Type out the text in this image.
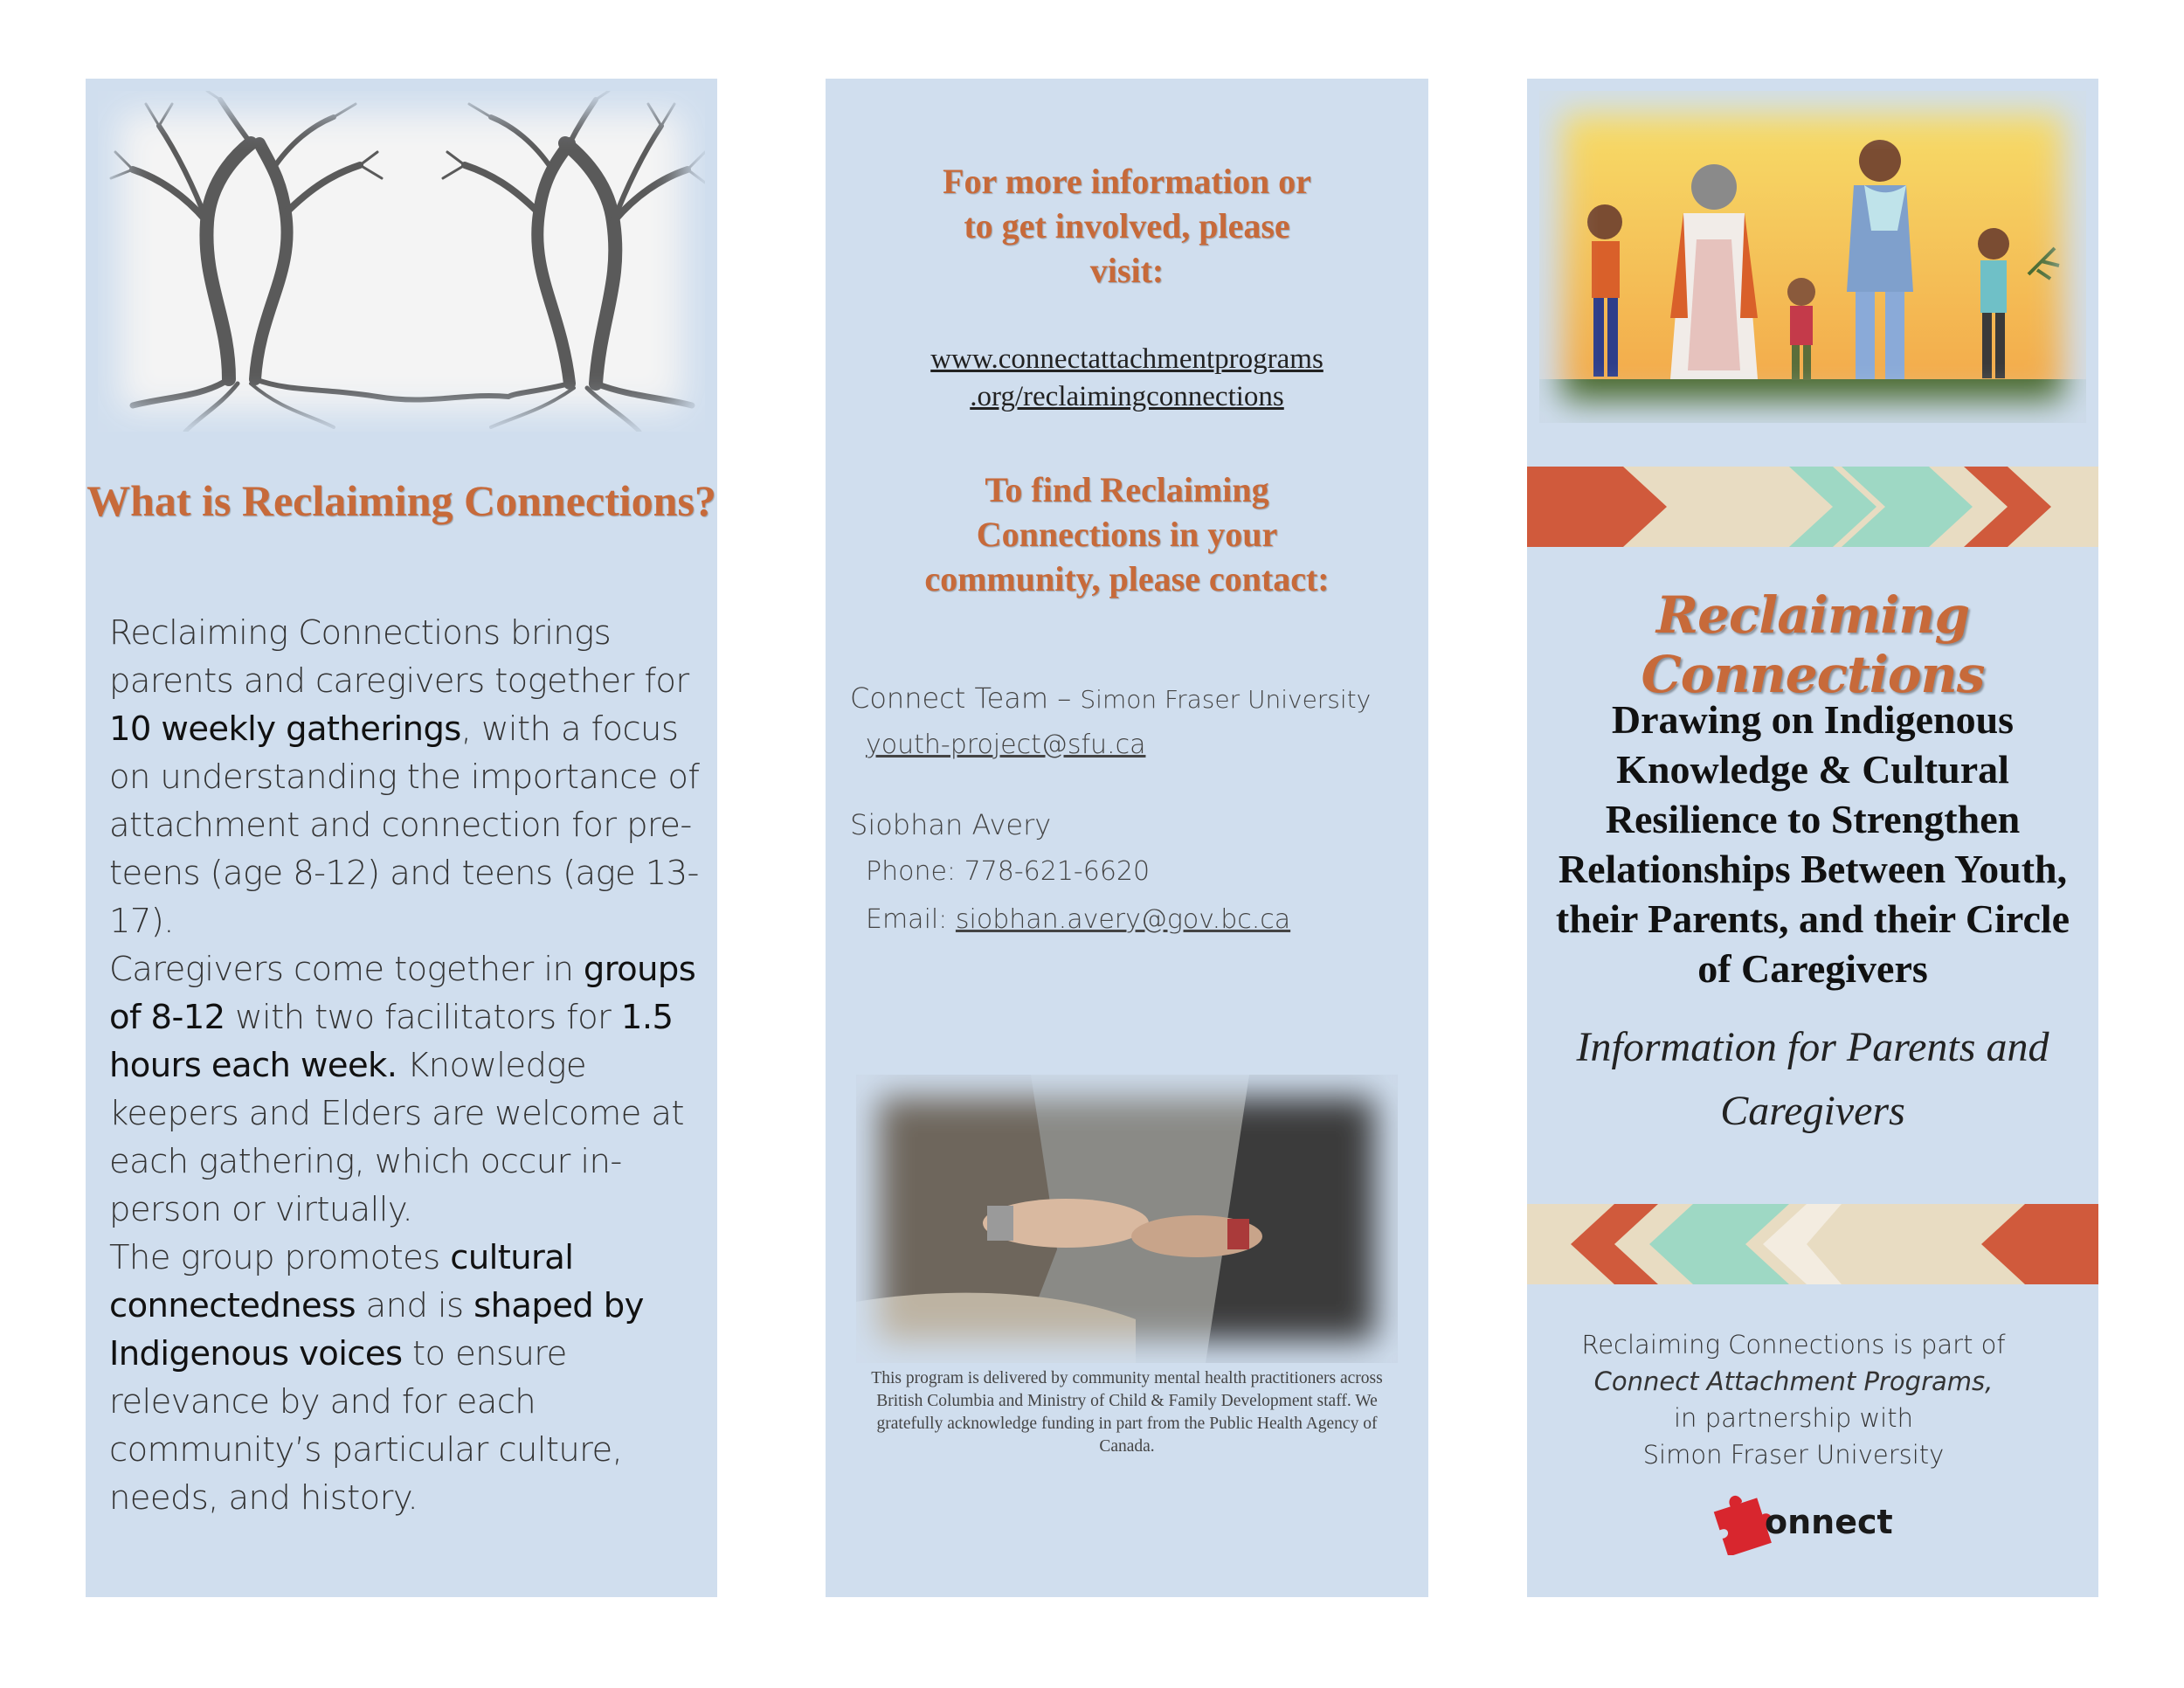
What is Reclaiming Connections?
Reclaiming Connections brings parents and caregivers together for 10 weekly gatherings, with a focus on understanding the importance of attachment and connection for pre-teens (age 8-12) and teens (age 13-17).
Caregivers come together in groups of 8-12 with two facilitators for 1.5 hours each week. Knowledge keepers and Elders are welcome at each gathering, which occur in-person or virtually.
The group promotes cultural connectedness and is shaped by Indigenous voices to ensure relevance by and for each community’s particular culture, needs, and history.
For more information or to get involved, please visit:
www.connectattachmentprograms
.org/reclaimingconnections
To find Reclaiming Connections in your community, please contact:
Connect Team – Simon Fraser University
youth-project@sfu.ca
Siobhan Avery
Phone: 778-621-6620
Email: siobhan.avery@gov.bc.ca
This program is delivered by community mental health practitioners across British Columbia and Ministry of Child & Family Development staff. We gratefully acknowledge funding in part from the Public Health Agency of Canada.
Reclaiming Connections
Drawing on Indigenous Knowledge & Cultural Resilience to Strengthen Relationships Between Youth, their Parents, and their Circle of Caregivers
Information for Parents and Caregivers
Reclaiming Connections is part of
Connect Attachment Programs,
in partnership with
Simon Fraser University
onnect
